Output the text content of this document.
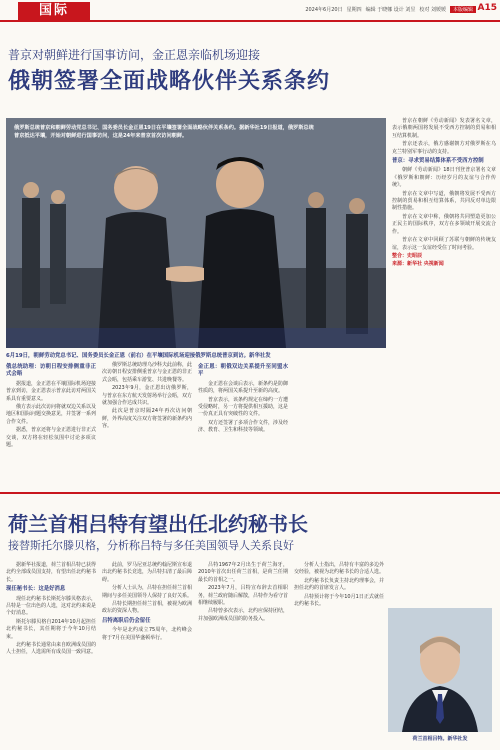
国际	2024年6月20日 星期四 编辑 于晓娜 设计 刘昱 校对 刘媛媛	本版编辑 A15
普京对朝鲜进行国事访问，金正恩亲临机场迎接
俄朝签署全面战略伙伴关系条约
俄罗斯总统普京和朝鲜劳动党总书记、国务委员长金正恩19日在平壤签署全面战略伙伴关系条约。据新华社19日报道，俄罗斯总统普京抵达平壤，开始对朝鲜进行国事访问，这是24年来普京首次访问朝鲜。
6月19日，朝鲜劳动党总书记、国务委员长金正恩（前右）在平壤国际机场迎接俄罗斯总统普京到访。新华社发

普京在朝鲜《劳动新闻》发表署名文章，表示俄朝两国将发展不受西方控制的贸易和相互结算机制。

普京还表示，俄方感谢朝方对俄罗斯在乌克兰特别军事行动的支持。

普京：寻求贸易结算体系不受西方控制

朝鲜《劳动新闻》18日刊登普京署名文章《俄罗斯和朝鲜：历经岁月的友谊与合作传统》。

普京在文章中写道，俄朝将发展不受西方控制的贸易和相互结算体系，共同反对单边限制性措施。

普京在文章中称，俄朝将共同塑造更加公正民主的国际秩序，双方在多领域开展交流合作。

普京在文章中回顾了苏联与朝鲜的传统友谊，表示这一友谊经受住了时间考验。

整合：史昭辰

来源：新华社 央视新闻

俄总统助理：访朝日程安排侧重非正式会晤

据报道，金正恩在平壤国际机场迎接普京到访，金正恩表示普京此访对两国关系具有重要意义。

俄方表示此次访问将就双边关系以及地区和国际问题交换意见，并签署一系列合作文件。

据悉，普京还将与金正恩进行非正式交谈，双方将在轻松氛围中讨论多项议题。

俄罗斯总统助理乌沙科夫此前称，此次访朝日程安排侧重普京与金正恩的非正式会晤，包括乘车游览、共进晚餐等。

2023年9月，金正恩出访俄罗斯，与普京在东方航天发射场举行会晤，双方就加强合作达成共识。

此次是普京时隔24年再次访问朝鲜，外界高度关注双方将签署的新条约内容。

金正恩：朝俄双边关系提升至同盟水平

金正恩在会谈后表示，新条约是防御性质的，将两国关系提升至新的高度。

普京表示，该条约规定在缔约一方遭受侵略时，另一方将提供相互援助，这是一份真正具有突破性的文件。

双方还签署了多项合作文件，涉及经济、教育、卫生和科技等领域。

荷兰首相吕特有望出任北约秘书长
接替斯托尔滕贝格，分析称吕特与多任美国领导人关系良好

据新华社报道，荷兰首相吕特已获得北约全部成员国支持，有望出任北约秘书长。

现任秘书长：这是好消息

现任北约秘书长斯托尔滕贝格表示，吕特是一位出色的人选，这对北约来说是个好消息。

斯托尔滕贝格自2014年10月起担任北约秘书长，其任期将于今年10月结束。

北约秘书长通常由来自欧洲成员国的人士担任，人选需所有成员国一致同意。

此前，罗马尼亚总统约翰尼斯宣布退出北约秘书长竞选，为吕特扫清了最后障碍。

分析人士认为，吕特在担任荷兰首相期间与多任美国领导人保持了良好关系。

吕特长期担任荷兰首相，被视为欧洲政坛的资深人物。

吕特离职后仍会留任

今年是北约成立75周年，北约峰会将于7月在美国华盛顿举行。

吕特1967年2月出生于荷兰海牙，2010年首次出任荷兰首相，是荷兰任期最长的首相之一。

2023年7月，吕特宣布辞去首相职务，荷兰政府随后解散，吕特作为看守首相继续履职。

吕特曾多次表示，北约应保持团结，并加强欧洲成员国的防务投入。

分析人士指出，吕特有丰富的多边外交经验，被视为北约秘书长的合适人选。

北约秘书长负责主持北约理事会，并担任北约的首席发言人。

吕特预计将于今年10月1日正式就任北约秘书长。

荷兰首相吕特。新华社发
